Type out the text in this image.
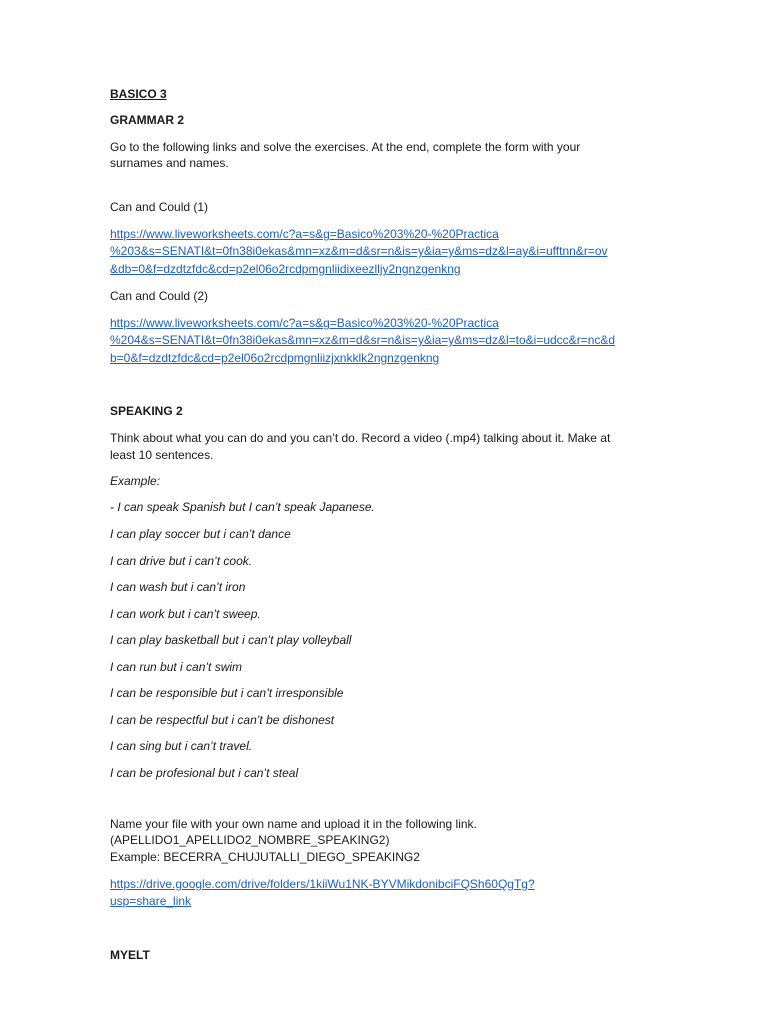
BASICO 3
GRAMMAR 2
Go to the following links and solve the exercises. At the end, complete the form with your
surnames and names.
Can and Could (1)
https://www.liveworksheets.com/c?a=s&g=Basico%203%20-%20Practica
%203&s=SENATI&t=0fn38i0ekas&mn=xz&m=d&sr=n&is=y&ia=y&ms=dz&l=ay&i=ufftnn&r=ov
&db=0&f=dzdtzfdc&cd=p2el06o2rcdpmgnliidixeezlljy2ngnzgenkng
Can and Could (2)
https://www.liveworksheets.com/c?a=s&g=Basico%203%20-%20Practica
%204&s=SENATI&t=0fn38i0ekas&mn=xz&m=d&sr=n&is=y&ia=y&ms=dz&l=to&i=udcc&r=nc&d
b=0&f=dzdtzfdc&cd=p2el06o2rcdpmgnliizjxnkklk2ngnzgenkng
SPEAKING 2
Think about what you can do and you can’t do. Record a video (.mp4) talking about it. Make at
least 10 sentences.
Example:
- I can speak Spanish but I can’t speak Japanese.
I can play soccer but i can’t dance
I can drive but i can’t cook.
I can wash but i can’t iron
I can work but i can’t sweep.
I can play basketball but i can’t play volleyball
I can run but i can’t swim
I can be responsible but i can’t irresponsible
I can be respectful but i can’t be dishonest
I can sing but i can’t travel.
I can be profesional but i can’t steal
Name your file with your own name and upload it in the following link.
(APELLIDO1_APELLIDO2_NOMBRE_SPEAKING2)
Example: BECERRA_CHUJUTALLI_DIEGO_SPEAKING2
https://drive.google.com/drive/folders/1kiiWu1NK-BYVMikdonibciFQSh60QgTg?
usp=share_link
MYELT
